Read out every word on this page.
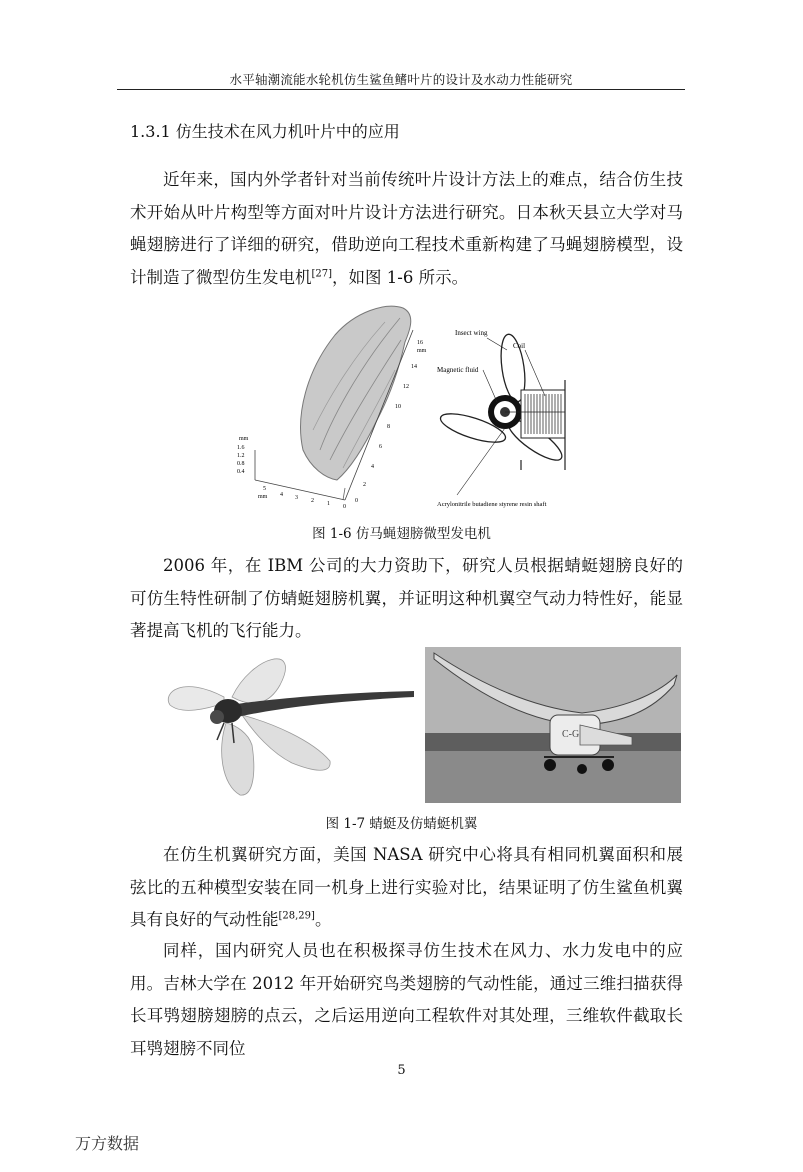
水平轴潮流能水轮机仿生鲨鱼鳍叶片的设计及水动力性能研究
1.3.1 仿生技术在风力机叶片中的应用

近年来，国内外学者针对当前传统叶片设计方法上的难点，结合仿生技术开始从叶片构型等方面对叶片设计方法进行研究。日本秋天县立大学对马蝇翅膀进行了详细的研究，借助逆向工程技术重新构建了马蝇翅膀模型，设计制造了微型仿生发电机[27]，如图 1-6 所示。

mm
1.6
1.2
0.8
0.4
5
mm 4 3 2 1 0
16
mm
14
12
10
8
6
4
2
0
Insect wing
Coil
Magnetic fluid
Acrylonitrile butadiene styrene resin shaft
图 1-6 仿马蝇翅膀微型发电机

2006 年，在 IBM 公司的大力资助下，研究人员根据蜻蜓翅膀良好的可仿生特性研制了仿蜻蜓翅膀机翼，并证明这种机翼空气动力特性好，能显著提高飞机的飞行能力。

C-G
图 1-7 蜻蜓及仿蜻蜓机翼

在仿生机翼研究方面，美国 NASA 研究中心将具有相同机翼面积和展弦比的五种模型安装在同一机身上进行实验对比，结果证明了仿生鲨鱼机翼具有良好的气动性能[28,29]。

同样，国内研究人员也在积极探寻仿生技术在风力、水力发电中的应用。吉林大学在 2012 年开始研究鸟类翅膀的气动性能，通过三维扫描获得长耳鸮翅膀翅膀的点云，之后运用逆向工程软件对其处理，三维软件截取长耳鸮翅膀不同位

5
万方数据
